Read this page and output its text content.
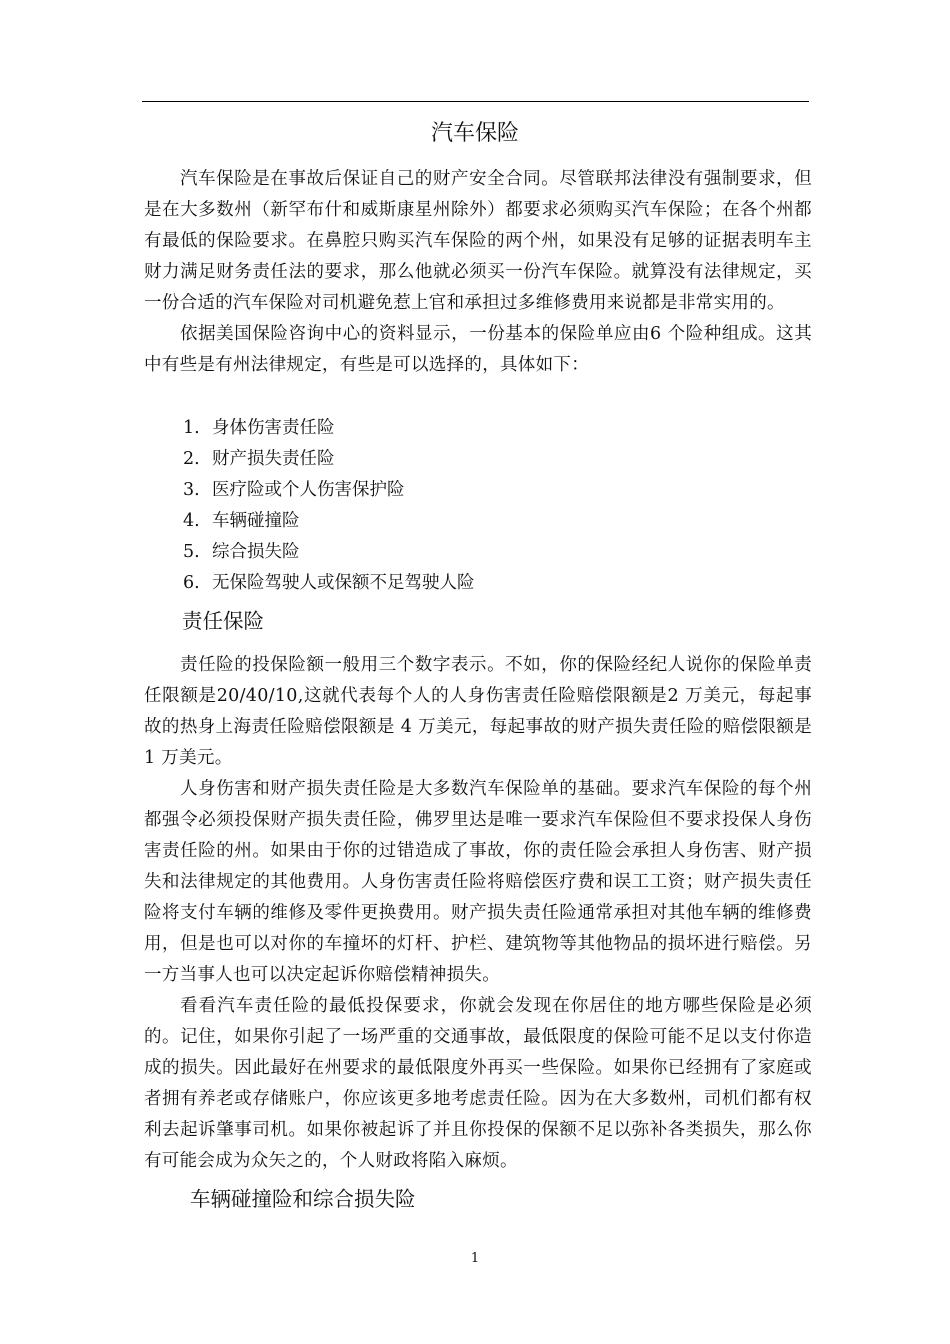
汽车保险

汽车保险是在事故后保证自己的财产安全合同。尽管联邦法律没有强制要求，但是在大多数州（新罕布什和威斯康星州除外）都要求必须购买汽车保险；在各个州都有最低的保险要求。在鼻腔只购买汽车保险的两个州，如果没有足够的证据表明车主财力满足财务责任法的要求，那么他就必须买一份汽车保险。就算没有法律规定，买一份合适的汽车保险对司机避免惹上官和承担过多维修费用来说都是非常实用的。

依据美国保险咨询中心的资料显示，一份基本的保险单应由6 个险种组成。这其中有些是有州法律规定，有些是可以选择的，具体如下：

1. 身体伤害责任险
2. 财产损失责任险
3. 医疗险或个人伤害保护险
4. 车辆碰撞险
5. 综合损失险
6. 无保险驾驶人或保额不足驾驶人险
责任保险

责任险的投保险额一般用三个数字表示。不如，你的保险经纪人说你的保险单责任限额是20/40/10,这就代表每个人的人身伤害责任险赔偿限额是2 万美元，每起事故的热身上海责任险赔偿限额是 4 万美元，每起事故的财产损失责任险的赔偿限额是 1 万美元。

人身伤害和财产损失责任险是大多数汽车保险单的基础。要求汽车保险的每个州都强令必须投保财产损失责任险，佛罗里达是唯一要求汽车保险但不要求投保人身伤害责任险的州。如果由于你的过错造成了事故，你的责任险会承担人身伤害、财产损失和法律规定的其他费用。人身伤害责任险将赔偿医疗费和误工工资；财产损失责任险将支付车辆的维修及零件更换费用。财产损失责任险通常承担对其他车辆的维修费用，但是也可以对你的车撞坏的灯杆、护栏、建筑物等其他物品的损坏进行赔偿。另一方当事人也可以决定起诉你赔偿精神损失。

看看汽车责任险的最低投保要求，你就会发现在你居住的地方哪些保险是必须的。记住，如果你引起了一场严重的交通事故，最低限度的保险可能不足以支付你造成的损失。因此最好在州要求的最低限度外再买一些保险。如果你已经拥有了家庭或者拥有养老或存储账户，你应该更多地考虑责任险。因为在大多数州，司机们都有权利去起诉肇事司机。如果你被起诉了并且你投保的保额不足以弥补各类损失，那么你有可能会成为众矢之的，个人财政将陷入麻烦。

车辆碰撞险和综合损失险
1
